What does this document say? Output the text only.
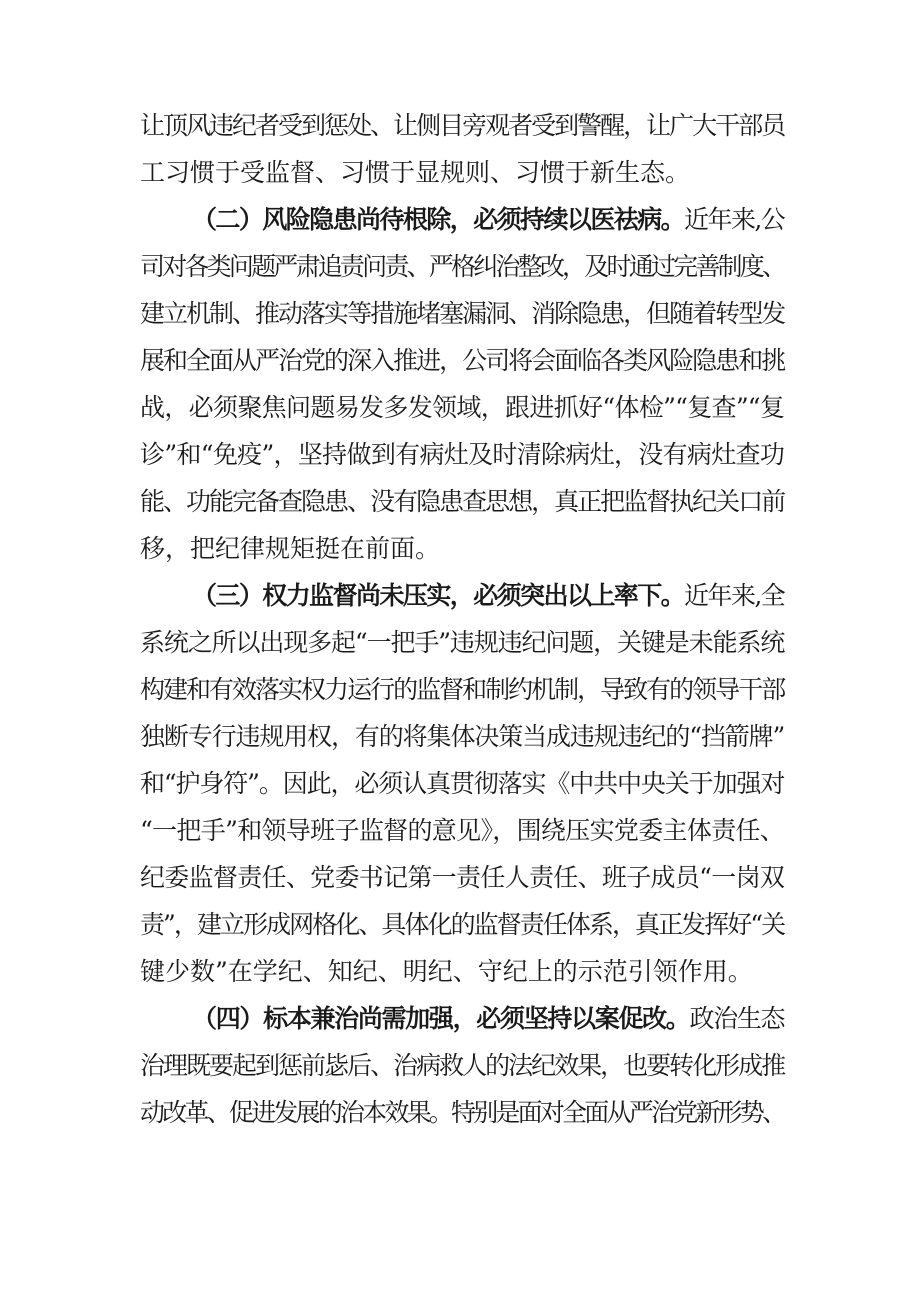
让顶风违纪者受到惩处、让侧目旁观者受到警醒，让广大干部员
工习惯于受监督、习惯于显规则、习惯于新生态。
（二）风险隐患尚待根除，必须持续以医祛病。近年来,公
司对各类问题严肃追责问责、严格纠治整改，及时通过完善制度、
建立机制、推动落实等措施堵塞漏洞、消除隐患，但随着转型发
展和全面从严治党的深入推进，公司将会面临各类风险隐患和挑
战，必须聚焦问题易发多发领域，跟进抓好“体检”“复查”“复
诊”和“免疫”，坚持做到有病灶及时清除病灶，没有病灶查功
能、功能完备查隐患、没有隐患查思想，真正把监督执纪关口前
移，把纪律规矩挺在前面。
（三）权力监督尚未压实，必须突出以上率下。近年来,全
系统之所以出现多起“一把手”违规违纪问题，关键是未能系统
构建和有效落实权力运行的监督和制约机制，导致有的领导干部
独断专行违规用权，有的将集体决策当成违规违纪的“挡箭牌”
和“护身符”。因此，必须认真贯彻落实《中共中央关于加强对
“一把手”和领导班子监督的意见》，围绕压实党委主体责任、
纪委监督责任、党委书记第一责任人责任、班子成员“一岗双
责”，建立形成网格化、具体化的监督责任体系，真正发挥好“关
键少数”在学纪、知纪、明纪、守纪上的示范引领作用。
（四）标本兼治尚需加强，必须坚持以案促改。政治生态
治理既要起到惩前毖后、治病救人的法纪效果，也要转化形成推
动改革、促进发展的治本效果。特别是面对全面从严治党新形势、
